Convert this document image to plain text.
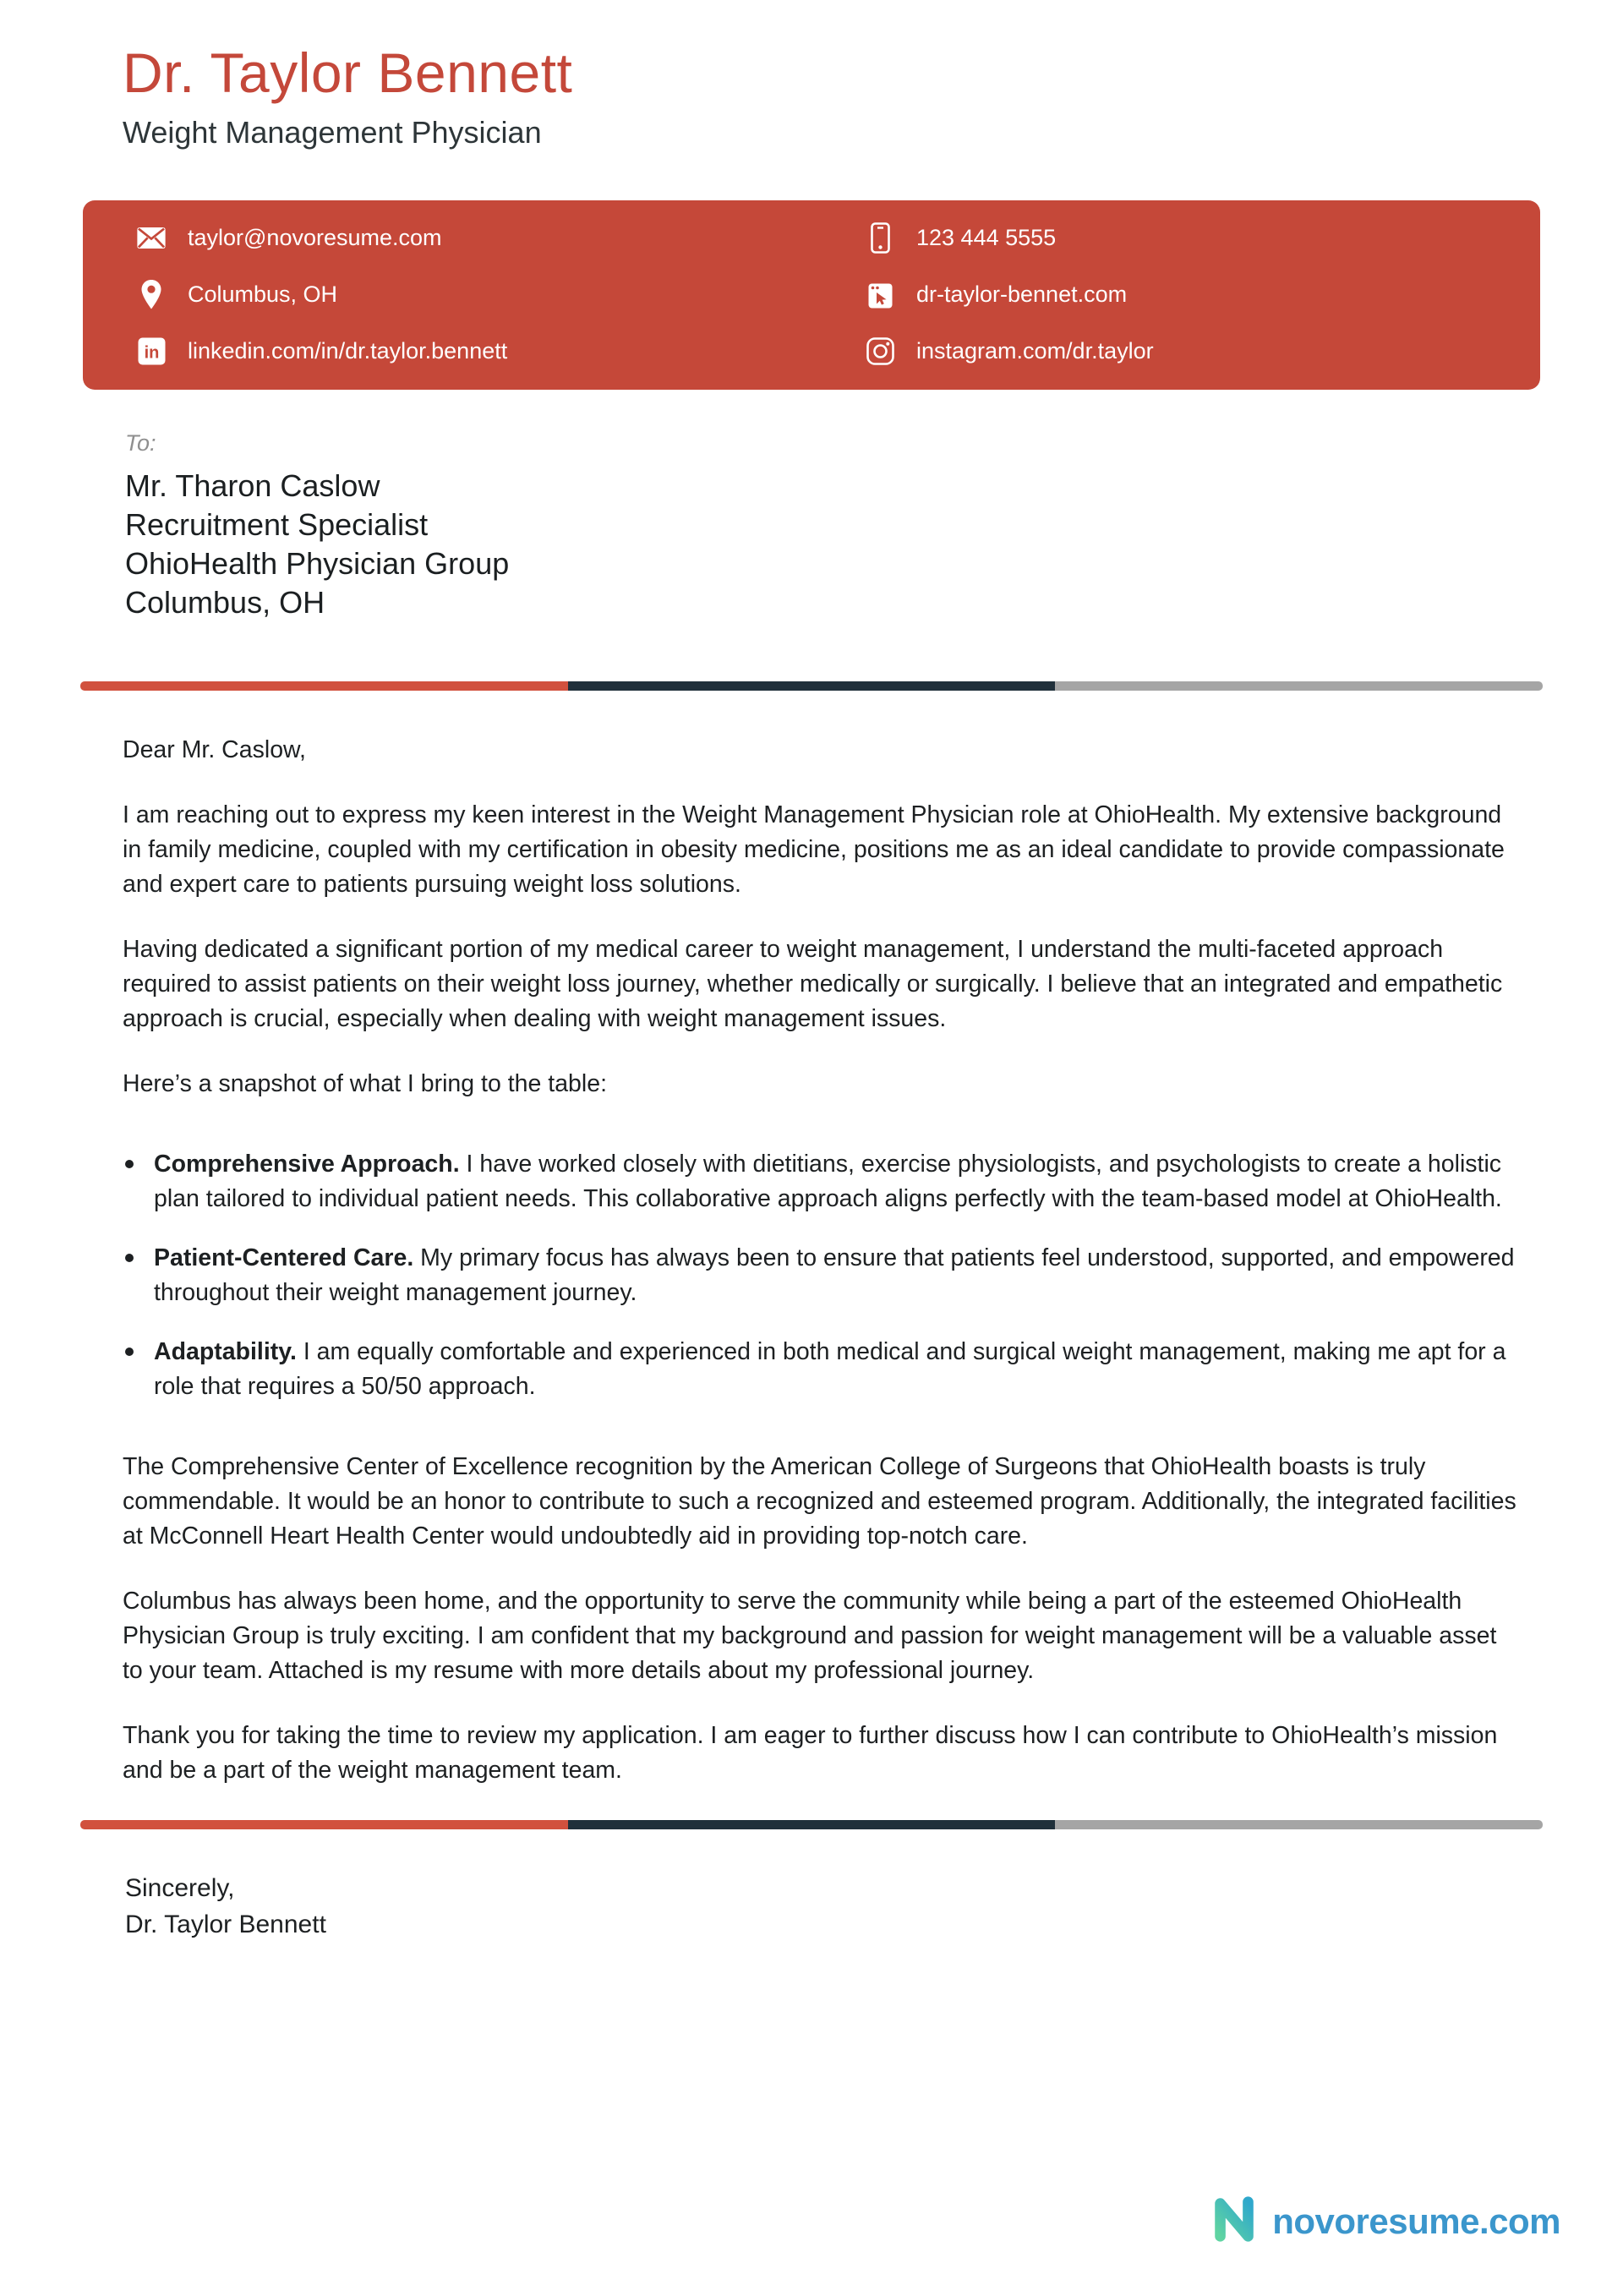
Dr. Taylor Bennett
Weight Management Physician
taylor@novoresume.com
Columbus, OH
in linkedin.com/in/dr.taylor.bennett
123 444 5555
dr-taylor-bennet.com
instagram.com/dr.taylor
To:
Mr. Tharon Caslow
Recruitment Specialist
OhioHealth Physician Group
Columbus, OH

Dear Mr. Caslow,

I am reaching out to express my keen interest in the Weight Management Physician role at OhioHealth. My extensive background in family medicine, coupled with my certification in obesity medicine, positions me as an ideal candidate to provide compassionate and expert care to patients pursuing weight loss solutions.

Having dedicated a significant portion of my medical career to weight management, I understand the multi-faceted approach required to assist patients on their weight loss journey, whether medically or surgically. I believe that an integrated and empathetic approach is crucial, especially when dealing with weight management issues.

Here’s a snapshot of what I bring to the table:

Comprehensive Approach. I have worked closely with dietitians, exercise physiologists, and psychologists to create a holistic plan tailored to individual patient needs. This collaborative approach aligns perfectly with the team-based model at OhioHealth.
Patient-Centered Care. My primary focus has always been to ensure that patients feel understood, supported, and empowered throughout their weight management journey.
Adaptability. I am equally comfortable and experienced in both medical and surgical weight management, making me apt for a role that requires a 50/50 approach.

The Comprehensive Center of Excellence recognition by the American College of Surgeons that OhioHealth boasts is truly commendable. It would be an honor to contribute to such a recognized and esteemed program. Additionally, the integrated facilities at McConnell Heart Health Center would undoubtedly aid in providing top-notch care.

Columbus has always been home, and the opportunity to serve the community while being a part of the esteemed OhioHealth Physician Group is truly exciting. I am confident that my background and passion for weight management will be a valuable asset to your team. Attached is my resume with more details about my professional journey.

Thank you for taking the time to review my application. I am eager to further discuss how I can contribute to OhioHealth’s mission and be a part of the weight management team.

Sincerely,
Dr. Taylor Bennett
novoresume.com
